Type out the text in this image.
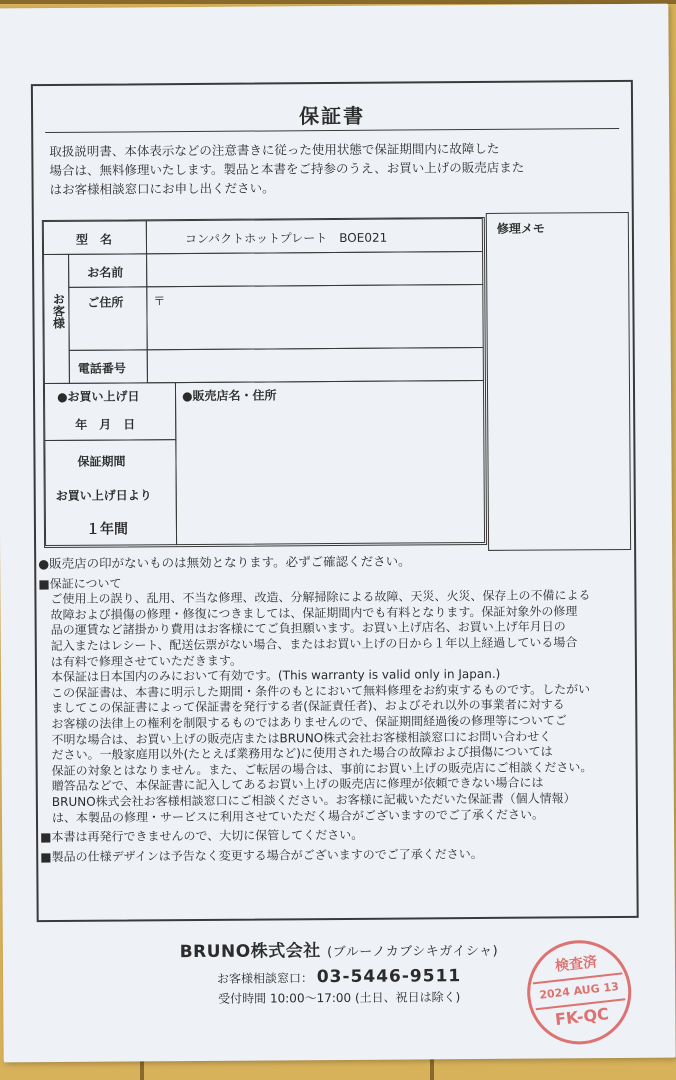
保証書
取扱説明書、本体表示などの注意書きに従った使用状態で保証期間内に故障した
場合は、無料修理いたします。製品と本書をご持参のうえ、お買い上げの販売店また
はお客様相談窓口にお申し出ください。
型　名	コンパクトホットプレート　BOE021
お客様
お名前
ご住所 〒
電話番号
●お買い上げ日
年　月　日
●販売店名・住所
保証期間
お買い上げ日より
１年間
修理メモ
●販売店の印がないものは無効となります。必ずご確認ください。
■保証について
ご使用上の誤り、乱用、不当な修理、改造、分解掃除による故障、天災、火災、保存上の不備による
故障および損傷の修理・修復につきましては、保証期間内でも有料となります。保証対象外の修理
品の運賃など諸掛かり費用はお客様にてご負担願います。お買い上げ店名、お買い上げ年月日の
記入またはレシート、配送伝票がない場合、またはお買い上げの日から１年以上経過している場合
は有料で修理させていただきます。
本保証は日本国内のみにおいて有効です。(This warranty is valid only in Japan.)
この保証書は、本書に明示した期間・条件のもとにおいて無料修理をお約束するものです。したがい
ましてこの保証書によって保証書を発行する者(保証責任者)、およびそれ以外の事業者に対する
お客様の法律上の権利を制限するものではありませんので、保証期間経過後の修理等についてご
不明な場合は、お買い上げの販売店またはBRUNO株式会社お客様相談窓口にお問い合わせく
ださい。一般家庭用以外(たとえば業務用など)に使用された場合の故障および損傷については
保証の対象とはなりません。また、ご転居の場合は、事前にお買い上げの販売店にご相談ください。
贈答品などで、本保証書に記入してあるお買い上げの販売店に修理が依頼できない場合には
BRUNO株式会社お客様相談窓口にご相談ください。お客様に記載いただいた保証書（個人情報）
は、本製品の修理・サービスに利用させていただく場合がございますのでご了承ください。
■本書は再発行できませんので、大切に保管してください。
■製品の仕様デザインは予告なく変更する場合がございますのでご了承ください。
BRUNO株式会社 (ブルーノカブシキガイシャ)
お客様相談窓口： 03-5446-9511
受付時間 10:00～17:00 (土日、祝日は除く)
検査済
2024 AUG 13
FK-QC
